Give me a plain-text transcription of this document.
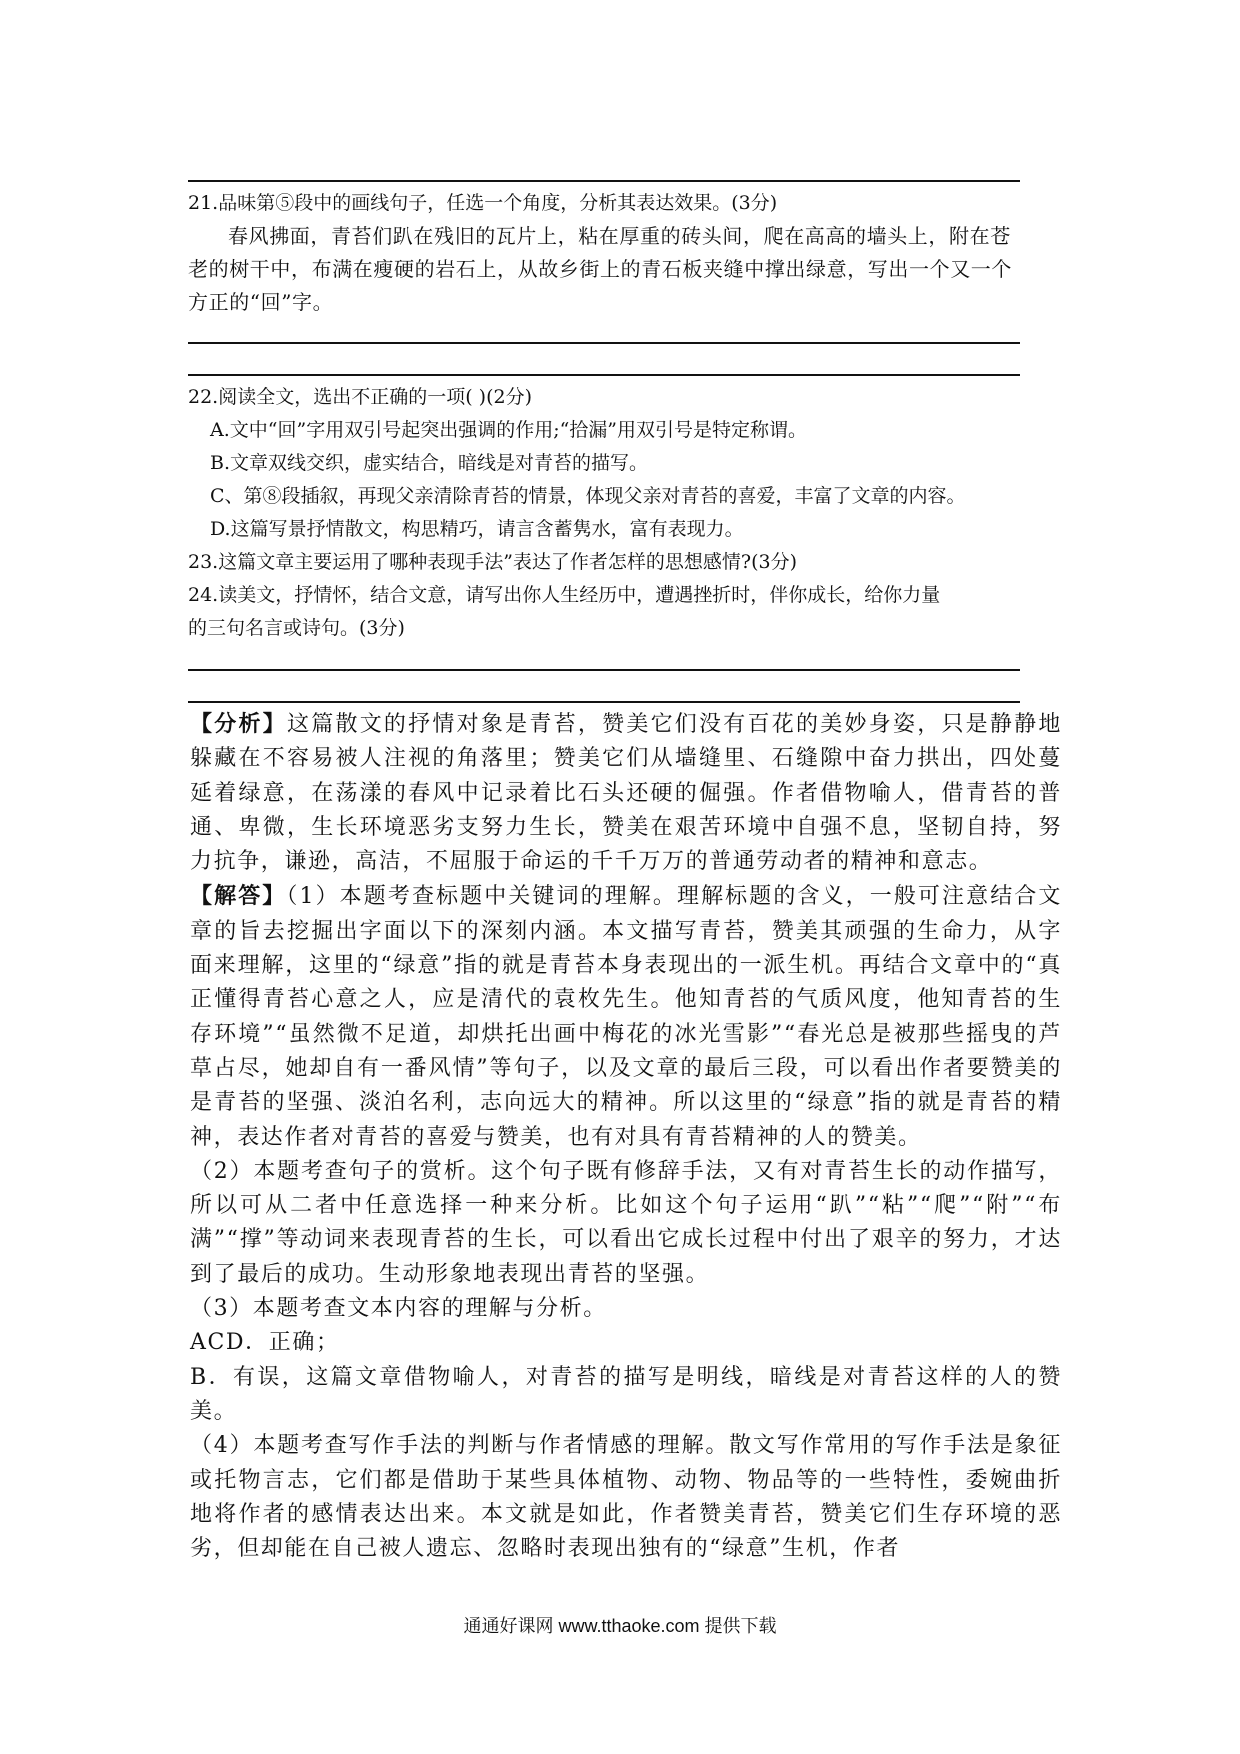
21.品味第⑤段中的画线句子，任选一个角度，分析其表达效果。(3分)
春风拂面，青苔们趴在残旧的瓦片上，粘在厚重的砖头间，爬在高高的墙头上，附在苍
老的树干中，布满在瘦硬的岩石上，从故乡街上的青石板夹缝中撑出绿意，写出一个又一个
方正的“回”字。
22.阅读全文，选出不正确的一项( )(2分)
A.文中“回”字用双引号起突出强调的作用;“拾漏”用双引号是特定称谓。
B.文章双线交织，虚实结合，暗线是对青苔的描写。
C、第⑧段插叙，再现父亲清除青苔的情景，体现父亲对青苔的喜爱，丰富了文章的内容。
D.这篇写景抒情散文，构思精巧，请言含蓄隽水，富有表现力。
23.这篇文章主要运用了哪种表现手法”表达了作者怎样的思想感情?(3分)
24.读美文，抒情怀，结合文意，请写出你人生经历中，遭遇挫折时，伴你成长，给你力量
的三句名言或诗句。(3分)

【分析】这篇散文的抒情对象是青苔，赞美它们没有百花的美妙身姿，只是静静地躲藏在不容易被人注视的角落里；赞美它们从墙缝里、石缝隙中奋力拱出，四处蔓延着绿意，在荡漾的春风中记录着比石头还硬的倔强。作者借物喻人，借青苔的普通、卑微，生长环境恶劣支努力生长，赞美在艰苦环境中自强不息，坚韧自持，努力抗争，谦逊，高洁，不屈服于命运的千千万万的普通劳动者的精神和意志。

【解答】（1）本题考查标题中关键词的理解。理解标题的含义，一般可注意结合文章的旨去挖掘出字面以下的深刻内涵。本文描写青苔，赞美其顽强的生命力，从字面来理解，这里的“绿意”指的就是青苔本身表现出的一派生机。再结合文章中的“真正懂得青苔心意之人，应是清代的袁枚先生。他知青苔的气质风度，他知青苔的生存环境”“虽然微不足道，却烘托出画中梅花的冰光雪影”“春光总是被那些摇曳的芦草占尽，她却自有一番风情”等句子，以及文章的最后三段，可以看出作者要赞美的是青苔的坚强、淡泊名利，志向远大的精神。所以这里的“绿意”指的就是青苔的精神，表达作者对青苔的喜爱与赞美，也有对具有青苔精神的人的赞美。

（2）本题考查句子的赏析。这个句子既有修辞手法，又有对青苔生长的动作描写，所以可从二者中任意选择一种来分析。比如这个句子运用“趴”“粘”“爬”“附”“布满”“撑”等动词来表现青苔的生长，可以看出它成长过程中付出了艰辛的努力，才达到了最后的成功。生动形象地表现出青苔的坚强。

（3）本题考查文本内容的理解与分析。

ACD．正确；

B．有误，这篇文章借物喻人，对青苔的描写是明线，暗线是对青苔这样的人的赞美。

（4）本题考查写作手法的判断与作者情感的理解。散文写作常用的写作手法是象征或托物言志，它们都是借助于某些具体植物、动物、物品等的一些特性，委婉曲折地将作者的感情表达出来。本文就是如此，作者赞美青苔，赞美它们生存环境的恶劣，但却能在自己被人遗忘、忽略时表现出独有的“绿意”生机，作者

通通好课网 www.tthaoke.com 提供下载
